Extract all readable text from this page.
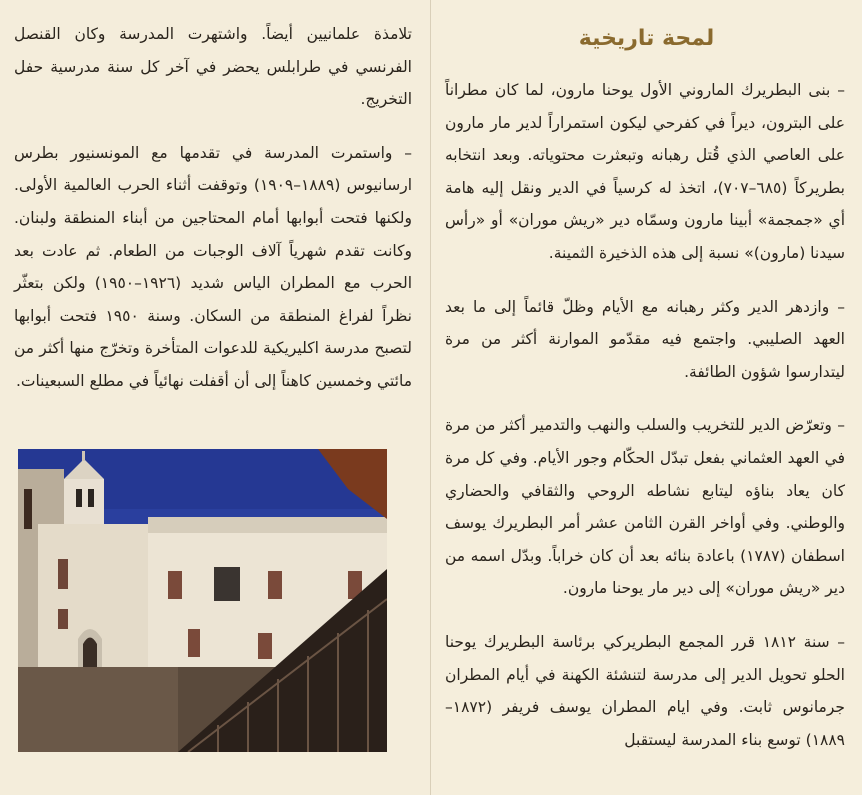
تلامذة علمانيين أيضاً. واشتهرت المدرسة وكان القنصل الفرنسي في طرابلس يحضر في آخر كل سنة مدرسية حفل التخريج.

– واستمرت المدرسة في تقدمها مع المونسنيور بطرس ارسانيوس (١٨٨٩–١٩٠٩) وتوقفت أثناء الحرب العالمية الأولى. ولكنها فتحت أبوابها أمام المحتاجين من أبناء المنطقة ولبنان. وكانت تقدم شهرياً آلاف الوجبات من الطعام. ثم عادت بعد الحرب مع المطران الياس شديد (١٩٢٦–١٩٥٠) ولكن بتعثّر نظراً لفراغ المنطقة من السكان. وسنة ١٩٥٠ فتحت أبوابها لتصبح مدرسة اكليريكية للدعوات المتأخرة وتخرّج منها أكثر من مائتي وخمسين كاهناً إلى أن أقفلت نهائياً في مطلع السبعينات.

لمحة تاريخية

– بنى البطريرك الماروني الأول يوحنا مارون، لما كان مطراناً على البترون، ديراً في كفرحي ليكون استمراراً لدير مار مارون على العاصي الذي قُتل رهبانه وتبعثرت محتوياته. وبعد انتخابه بطريركاً (٦٨٥–٧٠٧)، اتخذ له كرسياً في الدير ونقل إليه هامة أي «جمجمة» أبينا مارون وسمّاه دير «ريش موران» أو «رأس سيدنا (مارون)» نسبة إلى هذه الذخيرة الثمينة.

– وازدهر الدير وكثر رهبانه مع الأيام وظلّ قائماً إلى ما بعد العهد الصليبي. واجتمع فيه مقدّمو الموارنة أكثر من مرة ليتدارسوا شؤون الطائفة.

– وتعرّض الدير للتخريب والسلب والنهب والتدمير أكثر من مرة في العهد العثماني بفعل تبدّل الحكّام وجور الأيام. وفي كل مرة كان يعاد بناؤه ليتابع نشاطه الروحي والثقافي والحضاري والوطني. وفي أواخر القرن الثامن عشر أمر البطريرك يوسف اسطفان (١٧٨٧) باعادة بنائه بعد أن كان خراباً. وبدّل اسمه من دير «ريش موران» إلى دير مار يوحنا مارون.

– سنة ١٨١٢ قرر المجمع البطريركي برئاسة البطريرك يوحنا الحلو تحويل الدير إلى مدرسة لتنشئة الكهنة في أيام المطران جرمانوس ثابت. وفي ايام المطران يوسف فريفر (١٨٧٢–١٨٨٩) توسع بناء المدرسة ليستقبل
